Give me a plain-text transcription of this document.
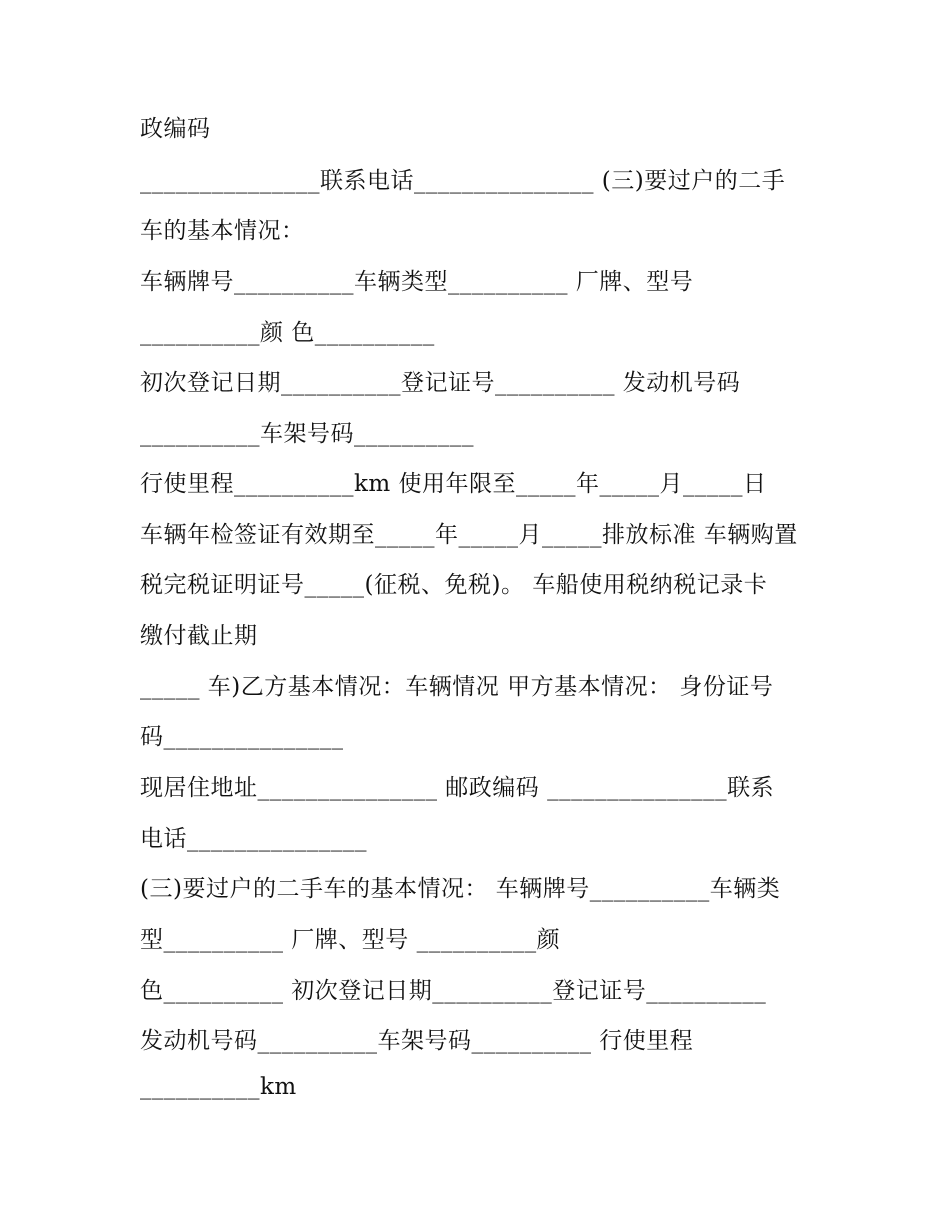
政编码

_______________联系电话_______________ (三)要过户的二手

车的基本情况：

车辆牌号__________车辆类型__________ 厂牌、型号

__________颜 色__________

初次登记日期__________登记证号__________ 发动机号码

__________车架号码__________

行使里程__________km 使用年限至_____年_____月_____日

车辆年检签证有效期至_____年_____月_____排放标准 车辆购置

税完税证明证号_____(征税、免税)。 车船使用税纳税记录卡

缴付截止期

_____ 车)乙方基本情况：车辆情况 甲方基本情况： 身份证号

码_______________

现居住地址_______________ 邮政编码 _______________联系

电话_______________

(三)要过户的二手车的基本情况： 车辆牌号__________车辆类

型__________ 厂牌、型号 __________颜

色__________ 初次登记日期__________登记证号__________

发动机号码__________车架号码__________ 行使里程

__________km
